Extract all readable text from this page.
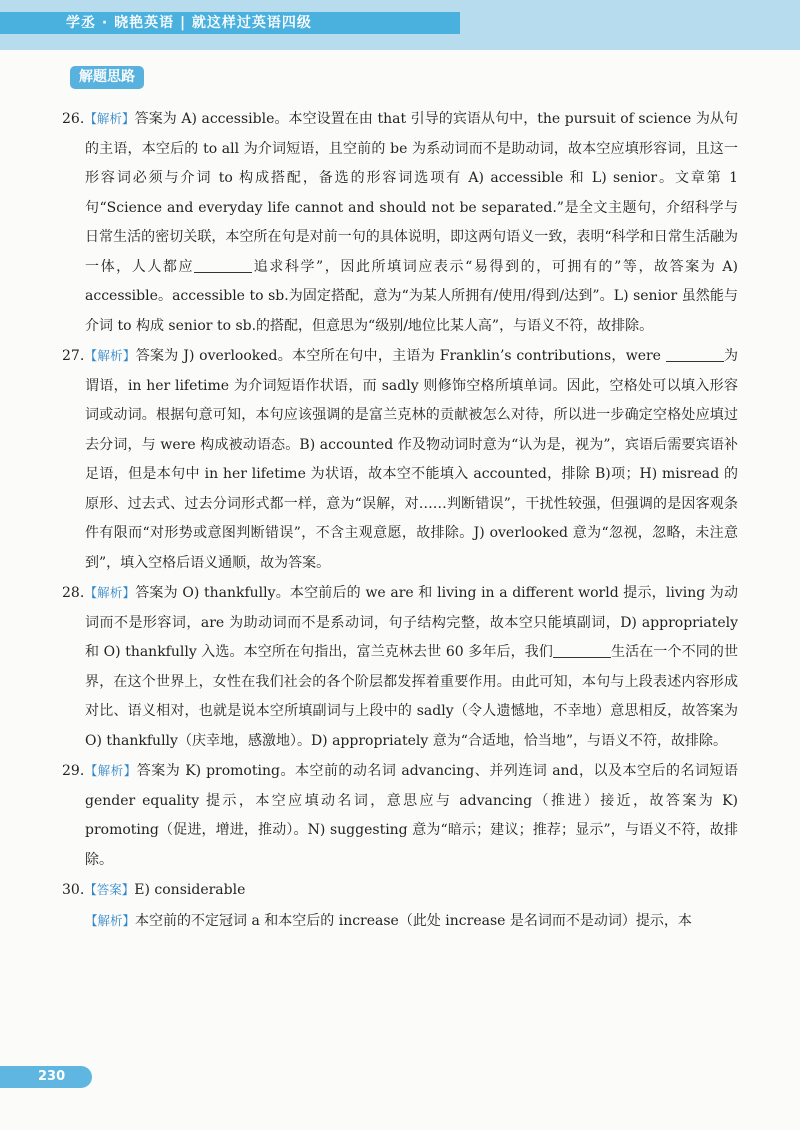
学丞 · 晓艳英语 | 就这样过英语四级
解题思路

26.【解析】答案为 A) accessible。本空设置在由 that 引导的宾语从句中，the pursuit of science 为从句的主语，本空后的 to all 为介词短语，且空前的 be 为系动词而不是助动词，故本空应填形容词，且这一形容词必须与介词 to 构成搭配，备选的形容词选项有 A) accessible 和 L) senior。文章第 1 句“Science and everyday life cannot and should not be separated.”是全文主题句，介绍科学与日常生活的密切关联，本空所在句是对前一句的具体说明，即这两句语义一致，表明“科学和日常生活融为一体，人人都应	追求科学”，因此所填词应表示“易得到的，可拥有的”等，故答案为 A) accessible。accessible to sb.为固定搭配，意为“为某人所拥有/使用/得到/达到”。L) senior 虽然能与介词 to 构成 senior to sb.的搭配，但意思为“级别/地位比某人高”，与语义不符，故排除。

27.【解析】答案为 J) overlooked。本空所在句中，主语为 Franklin’s contributions，were	为谓语，in her lifetime 为介词短语作状语，而 sadly 则修饰空格所填单词。因此，空格处可以填入形容词或动词。根据句意可知，本句应该强调的是富兰克林的贡献被怎么对待，所以进一步确定空格处应填过去分词，与 were 构成被动语态。B) accounted 作及物动词时意为“认为是，视为”，宾语后需要宾语补足语，但是本句中 in her lifetime 为状语，故本空不能填入 accounted，排除 B)项；H) misread 的原形、过去式、过去分词形式都一样，意为“误解，对……判断错误”，干扰性较强，但强调的是因客观条件有限而“对形势或意图判断错误”，不含主观意愿，故排除。J) overlooked 意为“忽视，忽略，未注意到”，填入空格后语义通顺，故为答案。

28.【解析】答案为 O) thankfully。本空前后的 we are 和 living in a different world 提示，living 为动词而不是形容词，are 为助动词而不是系动词，句子结构完整，故本空只能填副词，D) appropriately 和 O) thankfully 入选。本空所在句指出，富兰克林去世 60 多年后，我们	生活在一个不同的世界，在这个世界上，女性在我们社会的各个阶层都发挥着重要作用。由此可知，本句与上段表述内容形成对比、语义相对，也就是说本空所填副词与上段中的 sadly（令人遗憾地，不幸地）意思相反，故答案为 O) thankfully（庆幸地，感激地）。D) appropriately 意为“合适地，恰当地”，与语义不符，故排除。

29.【解析】答案为 K) promoting。本空前的动名词 advancing、并列连词 and，以及本空后的名词短语 gender equality 提示，本空应填动名词，意思应与 advancing（推进）接近，故答案为 K) promoting（促进，增进，推动）。N) suggesting 意为“暗示；建议；推荐；显示”，与语义不符，故排除。

30.【答案】E) considerable

【解析】本空前的不定冠词 a 和本空后的 increase（此处 increase 是名词而不是动词）提示，本

230
